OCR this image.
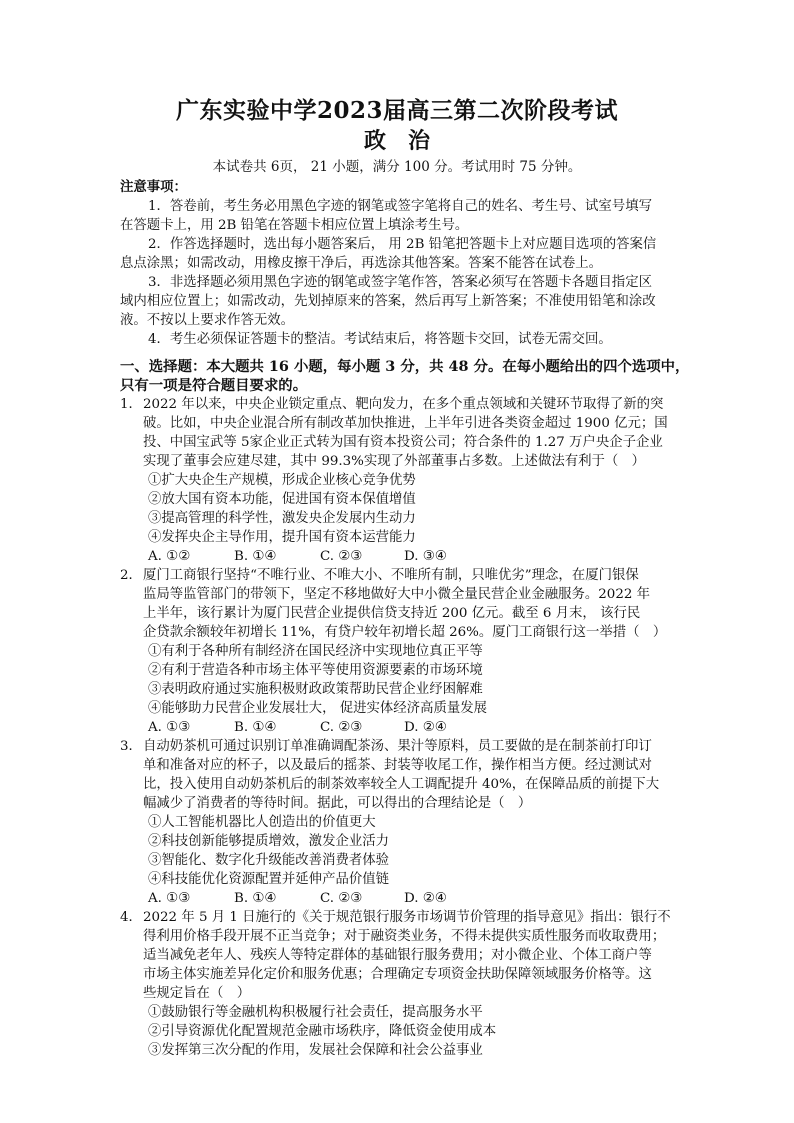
广东实验中学2023届高三第二次阶段考试
政　治
本试卷共 6页， 21 小题，满分 100 分。考试用时 75 分钟。
注意事项：
1．答卷前，考生务必用黑色字迹的钢笔或签字笔将自己的姓名、考生号、试室号填写
在答题卡上，用 2B 铅笔在答题卡相应位置上填涂考生号。
2．作答选择题时，选出每小题答案后， 用 2B 铅笔把答题卡上对应题目选项的答案信
息点涂黑；如需改动，用橡皮擦干净后，再选涂其他答案。答案不能答在试卷上。
3．非选择题必须用黑色字迹的钢笔或签字笔作答，答案必须写在答题卡各题目指定区
域内相应位置上；如需改动，先划掉原来的答案，然后再写上新答案；不准使用铅笔和涂改
液。不按以上要求作答无效。
4．考生必须保证答题卡的整洁。考试结束后，将答题卡交回，试卷无需交回。
一、选择题：本大题共 16 小题，每小题 3 分，共 48 分。在每小题给出的四个选项中，
只有一项是符合题目要求的。
1． 2022 年以来，中央企业锁定重点、靶向发力，在多个重点领域和关键环节取得了新的突
破。比如，中央企业混合所有制改革加快推进，上半年引进各类资金超过 1900 亿元；国
投、中国宝武等 5家企业正式转为国有资本投资公司；符合条件的 1.27 万户央企子企业
实现了董事会应建尽建，其中 99.3%实现了外部董事占多数。上述做法有利于（　）
①扩大央企生产规模，形成企业核心竞争优势
②放大国有资本功能，促进国有资本保值增值
③提高管理的科学性，激发央企发展内生动力
④发挥央企主导作用，提升国有资本运营能力
A. ①②	B. ①④	C. ②③	D. ③④
2． 厦门工商银行坚持“不唯行业、不唯大小、不唯所有制，只唯优劣”理念，在厦门银保
监局等监管部门的带领下，坚定不移地做好大中小微全量民营企业金融服务。2022 年
上半年，该行累计为厦门民营企业提供信贷支持近 200 亿元。截至 6 月末， 该行民
企贷款余额较年初增长 11%，有贷户较年初增长超 26%。厦门工商银行这一举措（　）
①有利于各种所有制经济在国民经济中实现地位真正平等
②有利于营造各种市场主体平等使用资源要素的市场环境
③表明政府通过实施积极财政政策帮助民营企业纾困解难
④能够助力民营企业发展壮大， 促进实体经济高质量发展
A. ①③	B. ①④	C. ②③	D. ②④
3． 自动奶茶机可通过识别订单准确调配茶汤、果汁等原料，员工要做的是在制茶前打印订
单和准备对应的杯子，以及最后的摇茶、封装等收尾工作，操作相当方便。经过测试对
比，投入使用自动奶茶机后的制茶效率较全人工调配提升 40%，在保障品质的前提下大
幅减少了消费者的等待时间。据此，可以得出的合理结论是（　）
①人工智能机器比人创造出的价值更大
②科技创新能够提质增效，激发企业活力
③智能化、数字化升级能改善消费者体验
④科技能优化资源配置并延伸产品价值链
A. ①③	B. ①④	C. ②③	D. ②④
4． 2022 年 5 月 1 日施行的《关于规范银行服务市场调节价管理的指导意见》指出：银行不
得利用价格手段开展不正当竞争；对于融资类业务，不得未提供实质性服务而收取费用；
适当减免老年人、残疾人等特定群体的基础银行服务费用；对小微企业、个体工商户等
市场主体实施差异化定价和服务优惠；合理确定专项资金扶助保障领域服务价格等。这
些规定旨在（　）
①鼓励银行等金融机构积极履行社会责任，提高服务水平
②引导资源优化配置规范金融市场秩序，降低资金使用成本
③发挥第三次分配的作用，发展社会保障和社会公益事业
